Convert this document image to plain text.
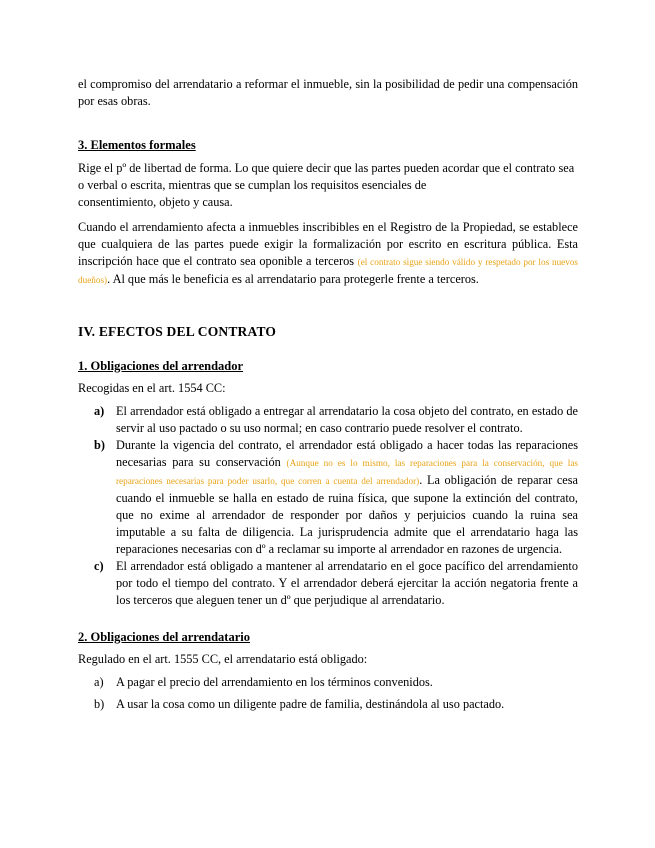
el compromiso del arrendatario a reformar el inmueble, sin la posibilidad de pedir una compensación por esas obras.

3. Elementos formales

Rige el pº de libertad de forma. Lo que quiere decir que las partes pueden acordar que el contrato sea o verbal o escrita, mientras que se cumplan los requisitos esenciales de
consentimiento, objeto y causa.

Cuando el arrendamiento afecta a inmuebles inscribibles en el Registro de la Propiedad, se establece que cualquiera de las partes puede exigir la formalización por escrito en escritura pública. Esta inscripción hace que el contrato sea oponible a terceros (el contrato sigue siendo válido y respetado por los nuevos dueños). Al que más le beneficia es al arrendatario para protegerle frente a terceros.

IV. EFECTOS DEL CONTRATO
1. Obligaciones del arrendador

Recogidas en el art. 1554 CC:

a) El arrendador está obligado a entregar al arrendatario la cosa objeto del contrato, en estado de servir al uso pactado o su uso normal; en caso contrario puede resolver el contrato.
b) Durante la vigencia del contrato, el arrendador está obligado a hacer todas las reparaciones necesarias para su conservación (Aunque no es lo mismo, las reparaciones para la conservación, que las reparaciones necesarias para poder usarlo, que corren a cuenta del arrendador). La obligación de reparar cesa cuando el inmueble se halla en estado de ruina física, que supone la extinción del contrato, que no exime al arrendador de responder por daños y perjuicios cuando la ruina sea imputable a su falta de diligencia. La jurisprudencia admite que el arrendatario haga las reparaciones necesarias con dº a reclamar su importe al arrendador en razones de urgencia.
c) El arrendador está obligado a mantener al arrendatario en el goce pacífico del arrendamiento por todo el tiempo del contrato. Y el arrendador deberá ejercitar la acción negatoria frente a los terceros que aleguen tener un dº que perjudique al arrendatario.
2. Obligaciones del arrendatario

Regulado en el art. 1555 CC, el arrendatario está obligado:

a) A pagar el precio del arrendamiento en los términos convenidos.
b) A usar la cosa como un diligente padre de familia, destinándola al uso pactado.
